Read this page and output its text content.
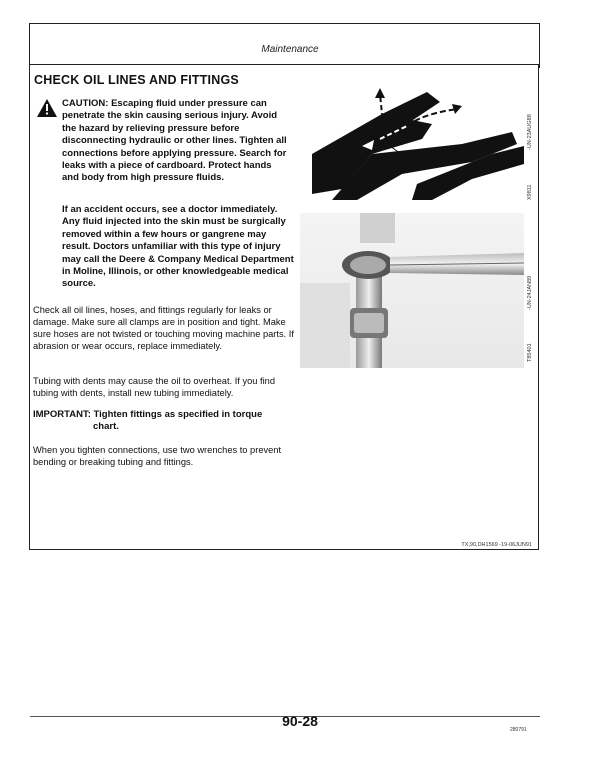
Maintenance
CHECK OIL LINES AND FITTINGS
CAUTION: Escaping fluid under pressure can penetrate the skin causing serious injury. Avoid the hazard by relieving pressure before disconnecting hydraulic or other lines. Tighten all connections before applying pressure. Search for leaks with a piece of cardboard. Protect hands and body from high pressure fluids.
If an accident occurs, see a doctor immediately. Any fluid injected into the skin must be surgically removed within a few hours or gangrene may result. Doctors unfamiliar with this type of injury may call the Deere & Company Medical Department in Moline, Illinois, or other knowledgeable medical source.
Check all oil lines, hoses, and fittings regularly for leaks or damage. Make sure all clamps are in position and tight. Make sure hoses are not twisted or touching moving machine parts. If abrasion or wear occurs, replace immediately.
Tubing with dents may cause the oil to overheat. If you find tubing with dents, install new tubing immediately.
IMPORTANT: Tighten fittings as specified in torque
chart.
When you tighten connections, use two wrenches to prevent bending or breaking tubing and fittings.
-UN-23AUG88
X9811
-UN-24JAN89
T85401
TX,90,DH1569 -19-06JUN91
90-28
280791
